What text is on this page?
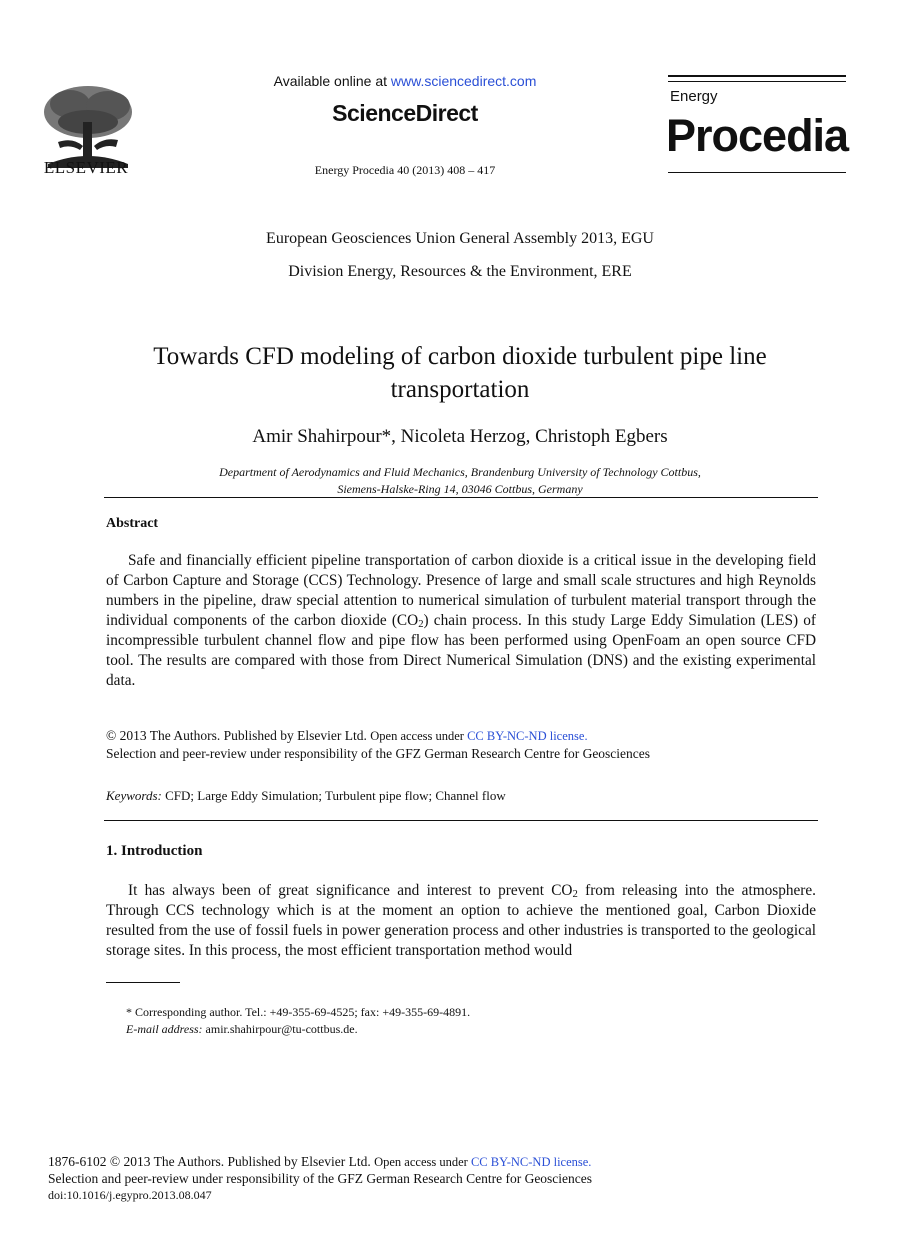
ELSEVIER
Available online at www.sciencedirect.com
ScienceDirect
Energy Procedia 40 (2013) 408 – 417
Energy
Procedia
European Geosciences Union General Assembly 2013, EGU
Division Energy, Resources & the Environment, ERE
Towards CFD modeling of carbon dioxide turbulent pipe line
transportation
Amir Shahirpour*, Nicoleta Herzog, Christoph Egbers
Department of Aerodynamics and Fluid Mechanics, Brandenburg University of Technology Cottbus,
Siemens-Halske-Ring 14, 03046 Cottbus, Germany
Abstract
Safe and financially efficient pipeline transportation of carbon dioxide is a critical issue in the developing field of Carbon Capture and Storage (CCS) Technology. Presence of large and small scale structures and high Reynolds numbers in the pipeline, draw special attention to numerical simulation of turbulent material transport through the individual components of the carbon dioxide $(CO_2)$ chain process. In this study Large Eddy Simulation (LES) of incompressible turbulent channel flow and pipe flow has been performed using OpenFoam an open source CFD tool. The results are compared with those from Direct Numerical Simulation (DNS) and the existing experimental data.
© 2013 The Authors. Published by Elsevier Ltd. Open access under CC BY-NC-ND license.
Selection and peer-review under responsibility of the GFZ German Research Centre for Geosciences
Keywords: CFD; Large Eddy Simulation; Turbulent pipe flow; Channel flow
1. Introduction
It has always been of great significance and interest to prevent $CO_2$ from releasing into the atmosphere. Through CCS technology which is at the moment an option to achieve the mentioned goal, Carbon Dioxide resulted from the use of fossil fuels in power generation process and other industries is transported to the geological storage sites. In this process, the most efficient transportation method would
* Corresponding author. Tel.: +49-355-69-4525; fax: +49-355-69-4891.
E-mail address: amir.shahirpour@tu-cottbus.de.
1876-6102 © 2013 The Authors. Published by Elsevier Ltd. Open access under CC BY-NC-ND license.
Selection and peer-review under responsibility of the GFZ German Research Centre for Geosciences
doi:10.1016/j.egypro.2013.08.047
